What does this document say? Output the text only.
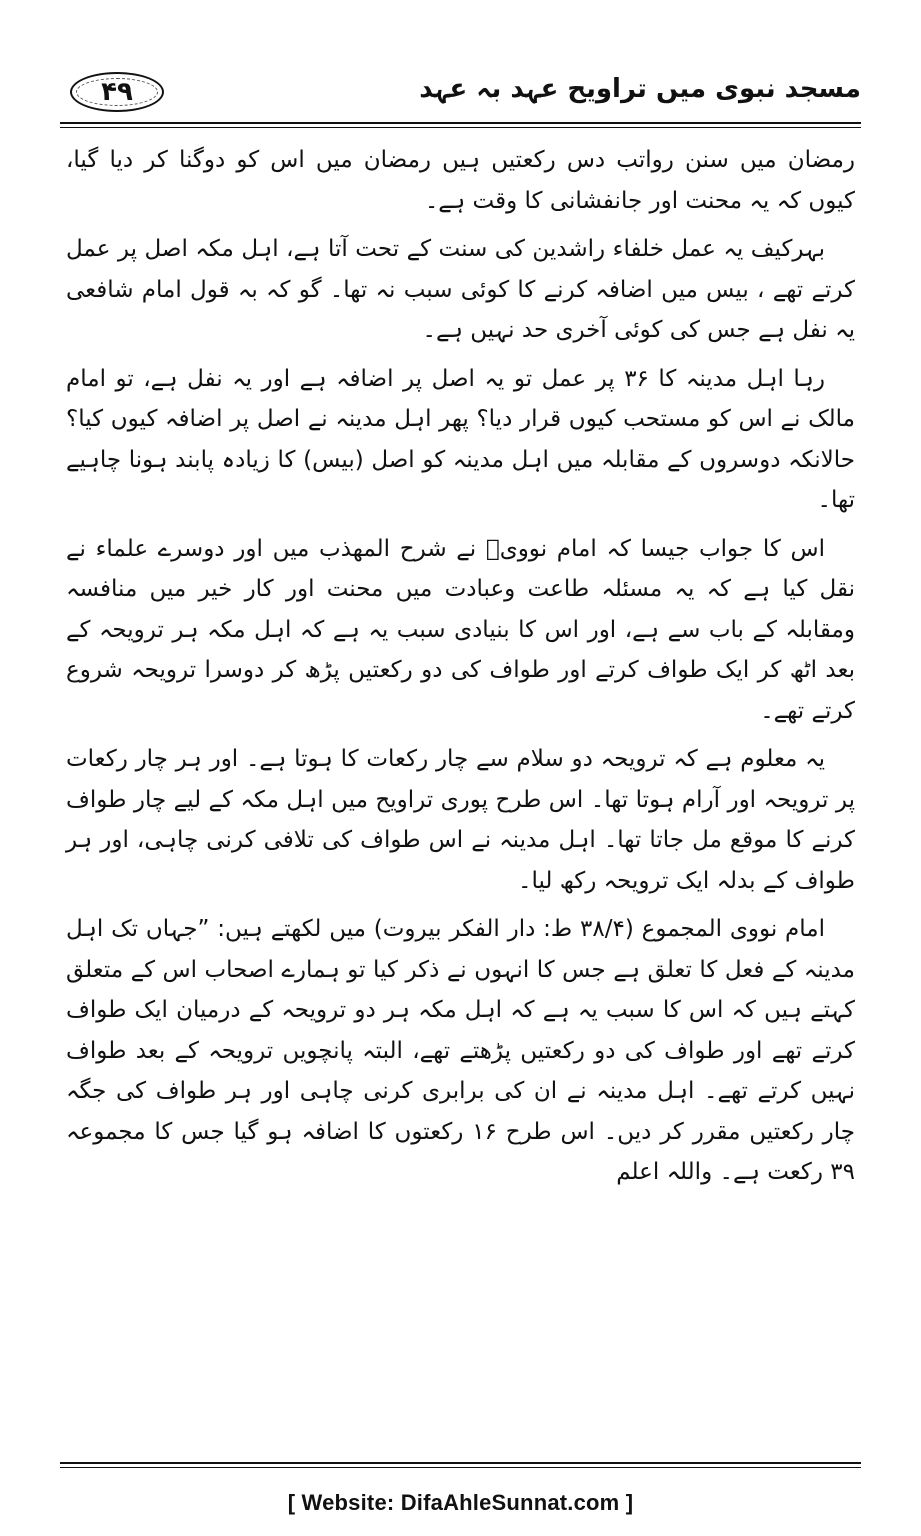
۴۹	مسجد نبوی میں تراویح عہد بہ عہد

رمضان میں سنن رواتب دس رکعتیں ہیں رمضان میں اس کو دوگنا کر دیا گیا، کیوں کہ یہ محنت اور جانفشانی کا وقت ہے۔

بہرکیف یہ عمل خلفاء راشدین کی سنت کے تحت آتا ہے، اہل مکہ اصل پر عمل کرتے تھے ، بیس میں اضافہ کرنے کا کوئی سبب نہ تھا۔ گو کہ بہ قول امام شافعی یہ نفل ہے جس کی کوئی آخری حد نہیں ہے۔

رہا اہل مدینہ کا ۳۶ پر عمل تو یہ اصل پر اضافہ ہے اور یہ نفل ہے، تو امام مالک نے اس کو مستحب کیوں قرار دیا؟ پھر اہل مدینہ نے اصل پر اضافہ کیوں کیا؟ حالانکہ دوسروں کے مقابلہ میں اہل مدینہ کو اصل (بیس) کا زیادہ پابند ہونا چاہیے تھا۔

اس کا جواب جیسا کہ امام نوویؒ نے شرح المھذب میں اور دوسرے علماء نے نقل کیا ہے کہ یہ مسئلہ طاعت وعبادت میں محنت اور کار خیر میں منافسہ ومقابلہ کے باب سے ہے، اور اس کا بنیادی سبب یہ ہے کہ اہل مکہ ہر ترویحہ کے بعد اٹھ کر ایک طواف کرتے اور طواف کی دو رکعتیں پڑھ کر دوسرا ترویحہ شروع کرتے تھے۔

یہ معلوم ہے کہ ترویحہ دو سلام سے چار رکعات کا ہوتا ہے۔ اور ہر چار رکعات پر ترویحہ اور آرام ہوتا تھا۔ اس طرح پوری تراویح میں اہل مکہ کے لیے چار طواف کرنے کا موقع مل جاتا تھا۔ اہل مدینہ نے اس طواف کی تلافی کرنی چاہی، اور ہر طواف کے بدلہ ایک ترویحہ رکھ لیا۔

امام نووی المجموع (۳۸/۴ ط: دار الفکر بیروت) میں لکھتے ہیں: ”جہاں تک اہل مدینہ کے فعل کا تعلق ہے جس کا انہوں نے ذکر کیا تو ہمارے اصحاب اس کے متعلق کہتے ہیں کہ اس کا سبب یہ ہے کہ اہل مکہ ہر دو ترویحہ کے درمیان ایک طواف کرتے تھے اور طواف کی دو رکعتیں پڑھتے تھے، البتہ پانچویں ترویحہ کے بعد طواف نہیں کرتے تھے۔ اہل مدینہ نے ان کی برابری کرنی چاہی اور ہر طواف کی جگہ چار رکعتیں مقرر کر دیں۔ اس طرح ۱۶ رکعتوں کا اضافہ ہو گیا جس کا مجموعہ ۳۹ رکعت ہے۔ واللہ اعلم

[ Website: DifaAhleSunnat.com ]
